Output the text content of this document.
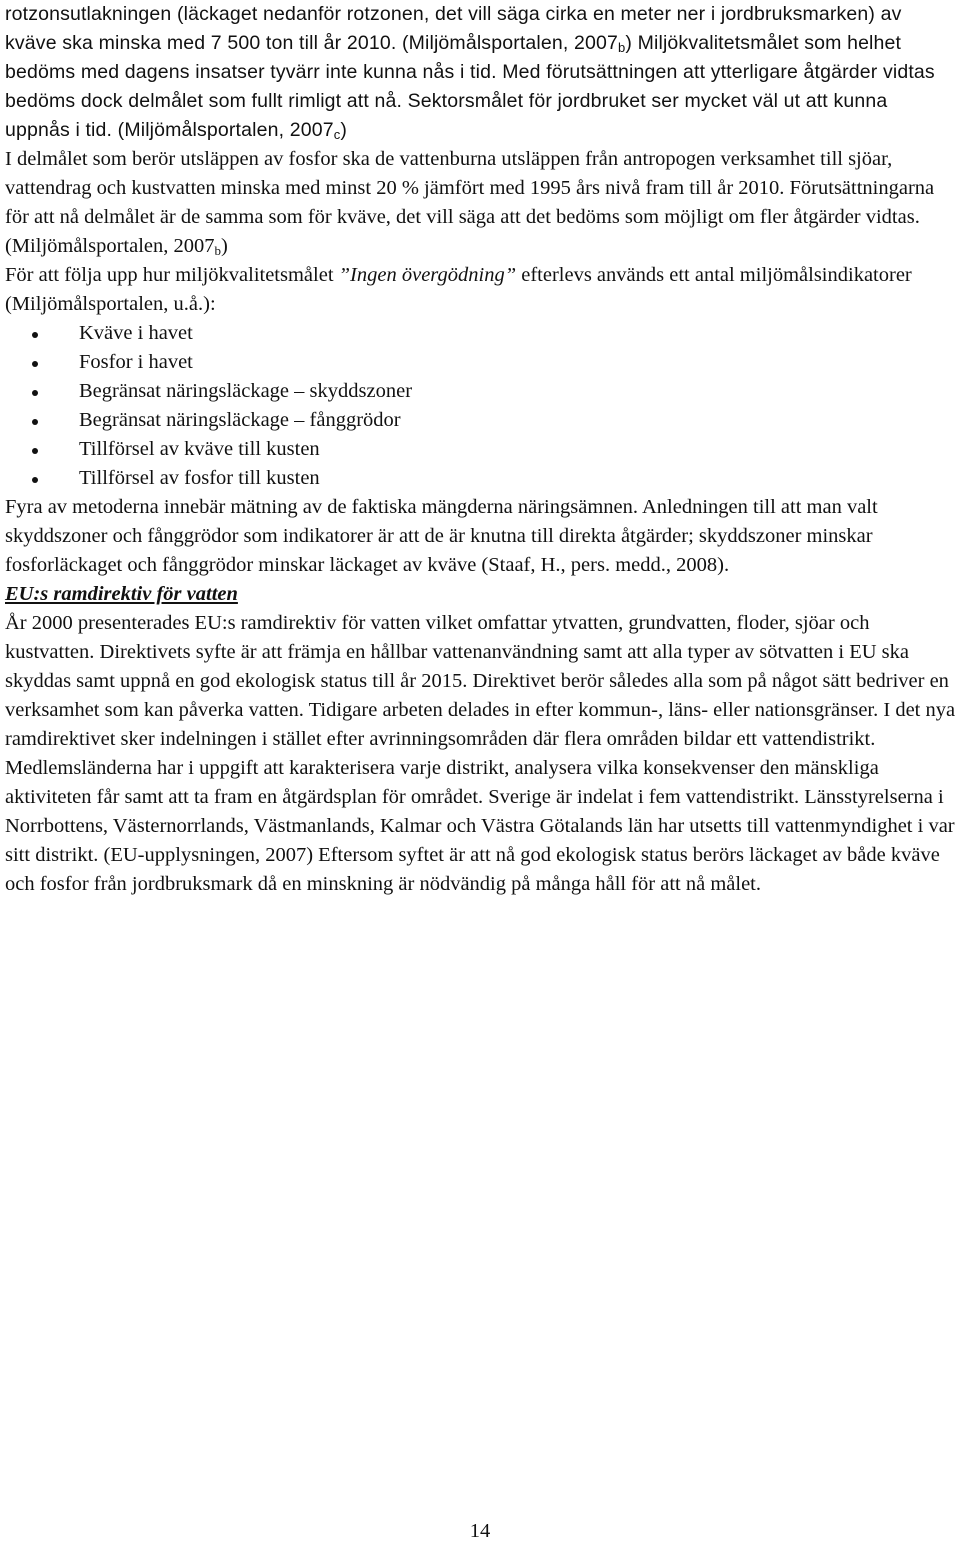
rotzonsutlakningen (läckaget nedanför rotzonen, det vill säga cirka en meter ner i jordbruksmarken) av kväve ska minska med 7 500 ton till år 2010. (Miljömålsportalen, $2007_b$) Miljökvalitetsmålet som helhet bedöms med dagens insatser tyvärr inte kunna nås i tid. Med förutsättningen att ytterligare åtgärder vidtas bedöms dock delmålet som fullt rimligt att nå. Sektorsmålet för jordbruket ser mycket väl ut att kunna uppnås i tid. (Miljömålsportalen, $2007_c$)

I delmålet som berör utsläppen av fosfor ska de vattenburna utsläppen från antropogen verksamhet till sjöar, vattendrag och kustvatten minska med minst 20 % jämfört med 1995 års nivå fram till år 2010. Förutsättningarna för att nå delmålet är de samma som för kväve, det vill säga att det bedöms som möjligt om fler åtgärder vidtas. (Miljömålsportalen, $2007_b$)

För att följa upp hur miljökvalitetsmålet ”Ingen övergödning” efterlevs används ett antal miljömålsindikatorer (Miljömålsportalen, u.å.):

Kväve i havet
Fosfor i havet
Begränsat näringsläckage – skyddszoner
Begränsat näringsläckage – fånggrödor
Tillförsel av kväve till kusten
Tillförsel av fosfor till kusten

Fyra av metoderna innebär mätning av de faktiska mängderna näringsämnen. Anledningen till att man valt skyddszoner och fånggrödor som indikatorer är att de är knutna till direkta åtgärder; skyddszoner minskar fosforläckaget och fånggrödor minskar läckaget av kväve (Staaf, H., pers. medd., 2008).

EU:s ramdirektiv för vatten

År 2000 presenterades EU:s ramdirektiv för vatten vilket omfattar ytvatten, grundvatten, floder, sjöar och kustvatten. Direktivets syfte är att främja en hållbar vattenanvändning samt att alla typer av sötvatten i EU ska skyddas samt uppnå en god ekologisk status till år 2015. Direktivet berör således alla som på något sätt bedriver en verksamhet som kan påverka vatten. Tidigare arbeten delades in efter kommun-, läns- eller nationsgränser. I det nya ramdirektivet sker indelningen i stället efter avrinningsområden där flera områden bildar ett vattendistrikt. Medlemsländerna har i uppgift att karakterisera varje distrikt, analysera vilka konsekvenser den mänskliga aktiviteten får samt att ta fram en åtgärdsplan för området. Sverige är indelat i fem vattendistrikt. Länsstyrelserna i Norrbottens, Västernorrlands, Västmanlands, Kalmar och Västra Götalands län har utsetts till vattenmyndighet i var sitt distrikt. (EU-upplysningen, 2007) Eftersom syftet är att nå god ekologisk status berörs läckaget av både kväve och fosfor från jordbruksmark då en minskning är nödvändig på många håll för att nå målet.

14
